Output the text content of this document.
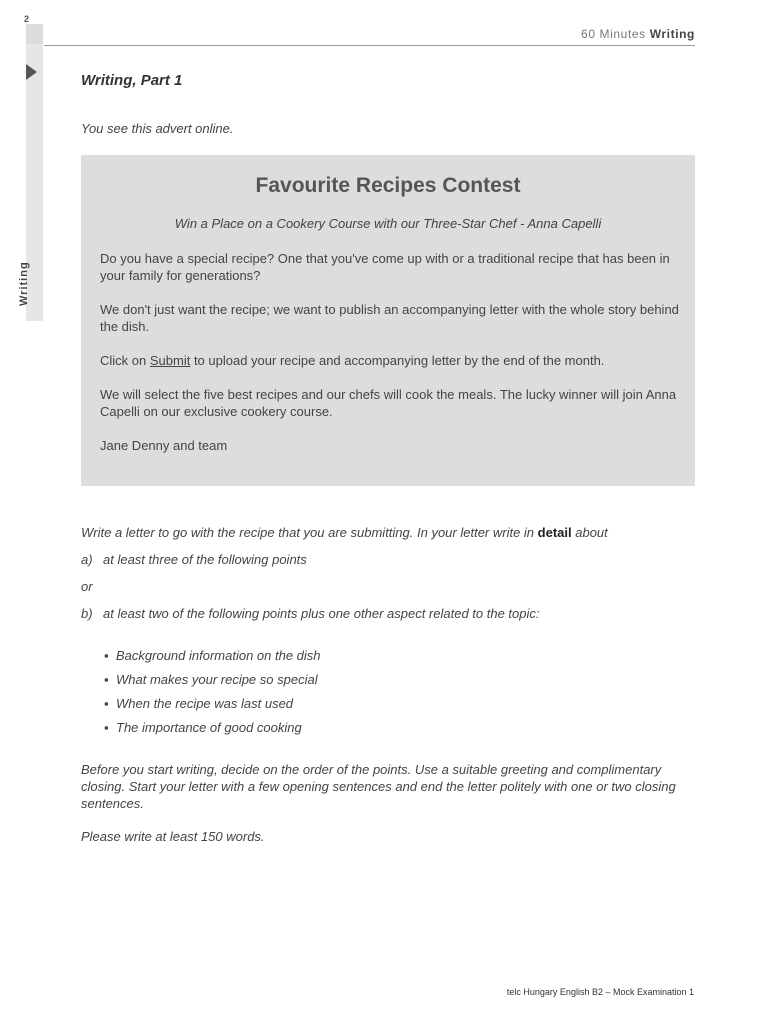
2
Writing
60 Minutes Writing
Writing, Part 1
You see this advert online.
Favourite Recipes Contest
Win a Place on a Cookery Course with our Three-Star Chef - Anna Capelli

Do you have a special recipe? One that you've come up with or a traditional recipe that has been in your family for generations?

We don't just want the recipe; we want to publish an accompanying letter with the whole story behind the dish.

Click on Submit to upload your recipe and accompanying letter by the end of the month.

We will select the five best recipes and our chefs will cook the meals. The lucky winner will join Anna Capelli on our exclusive cookery course.

Jane Denny and team

Write a letter to go with the recipe that you are submitting. In your letter write in detail about
a) at least three of the following points
or
b) at least two of the following points plus one other aspect related to the topic:
▪ Background information on the dish
▪ What makes your recipe so special
▪ When the recipe was last used
▪ The importance of good cooking
Before you start writing, decide on the order of the points. Use a suitable greeting and complimentary closing. Start your letter with a few opening sentences and end the letter politely with one or two closing sentences.
Please write at least 150 words.
telc Hungary English B2 – Mock Examination 1
